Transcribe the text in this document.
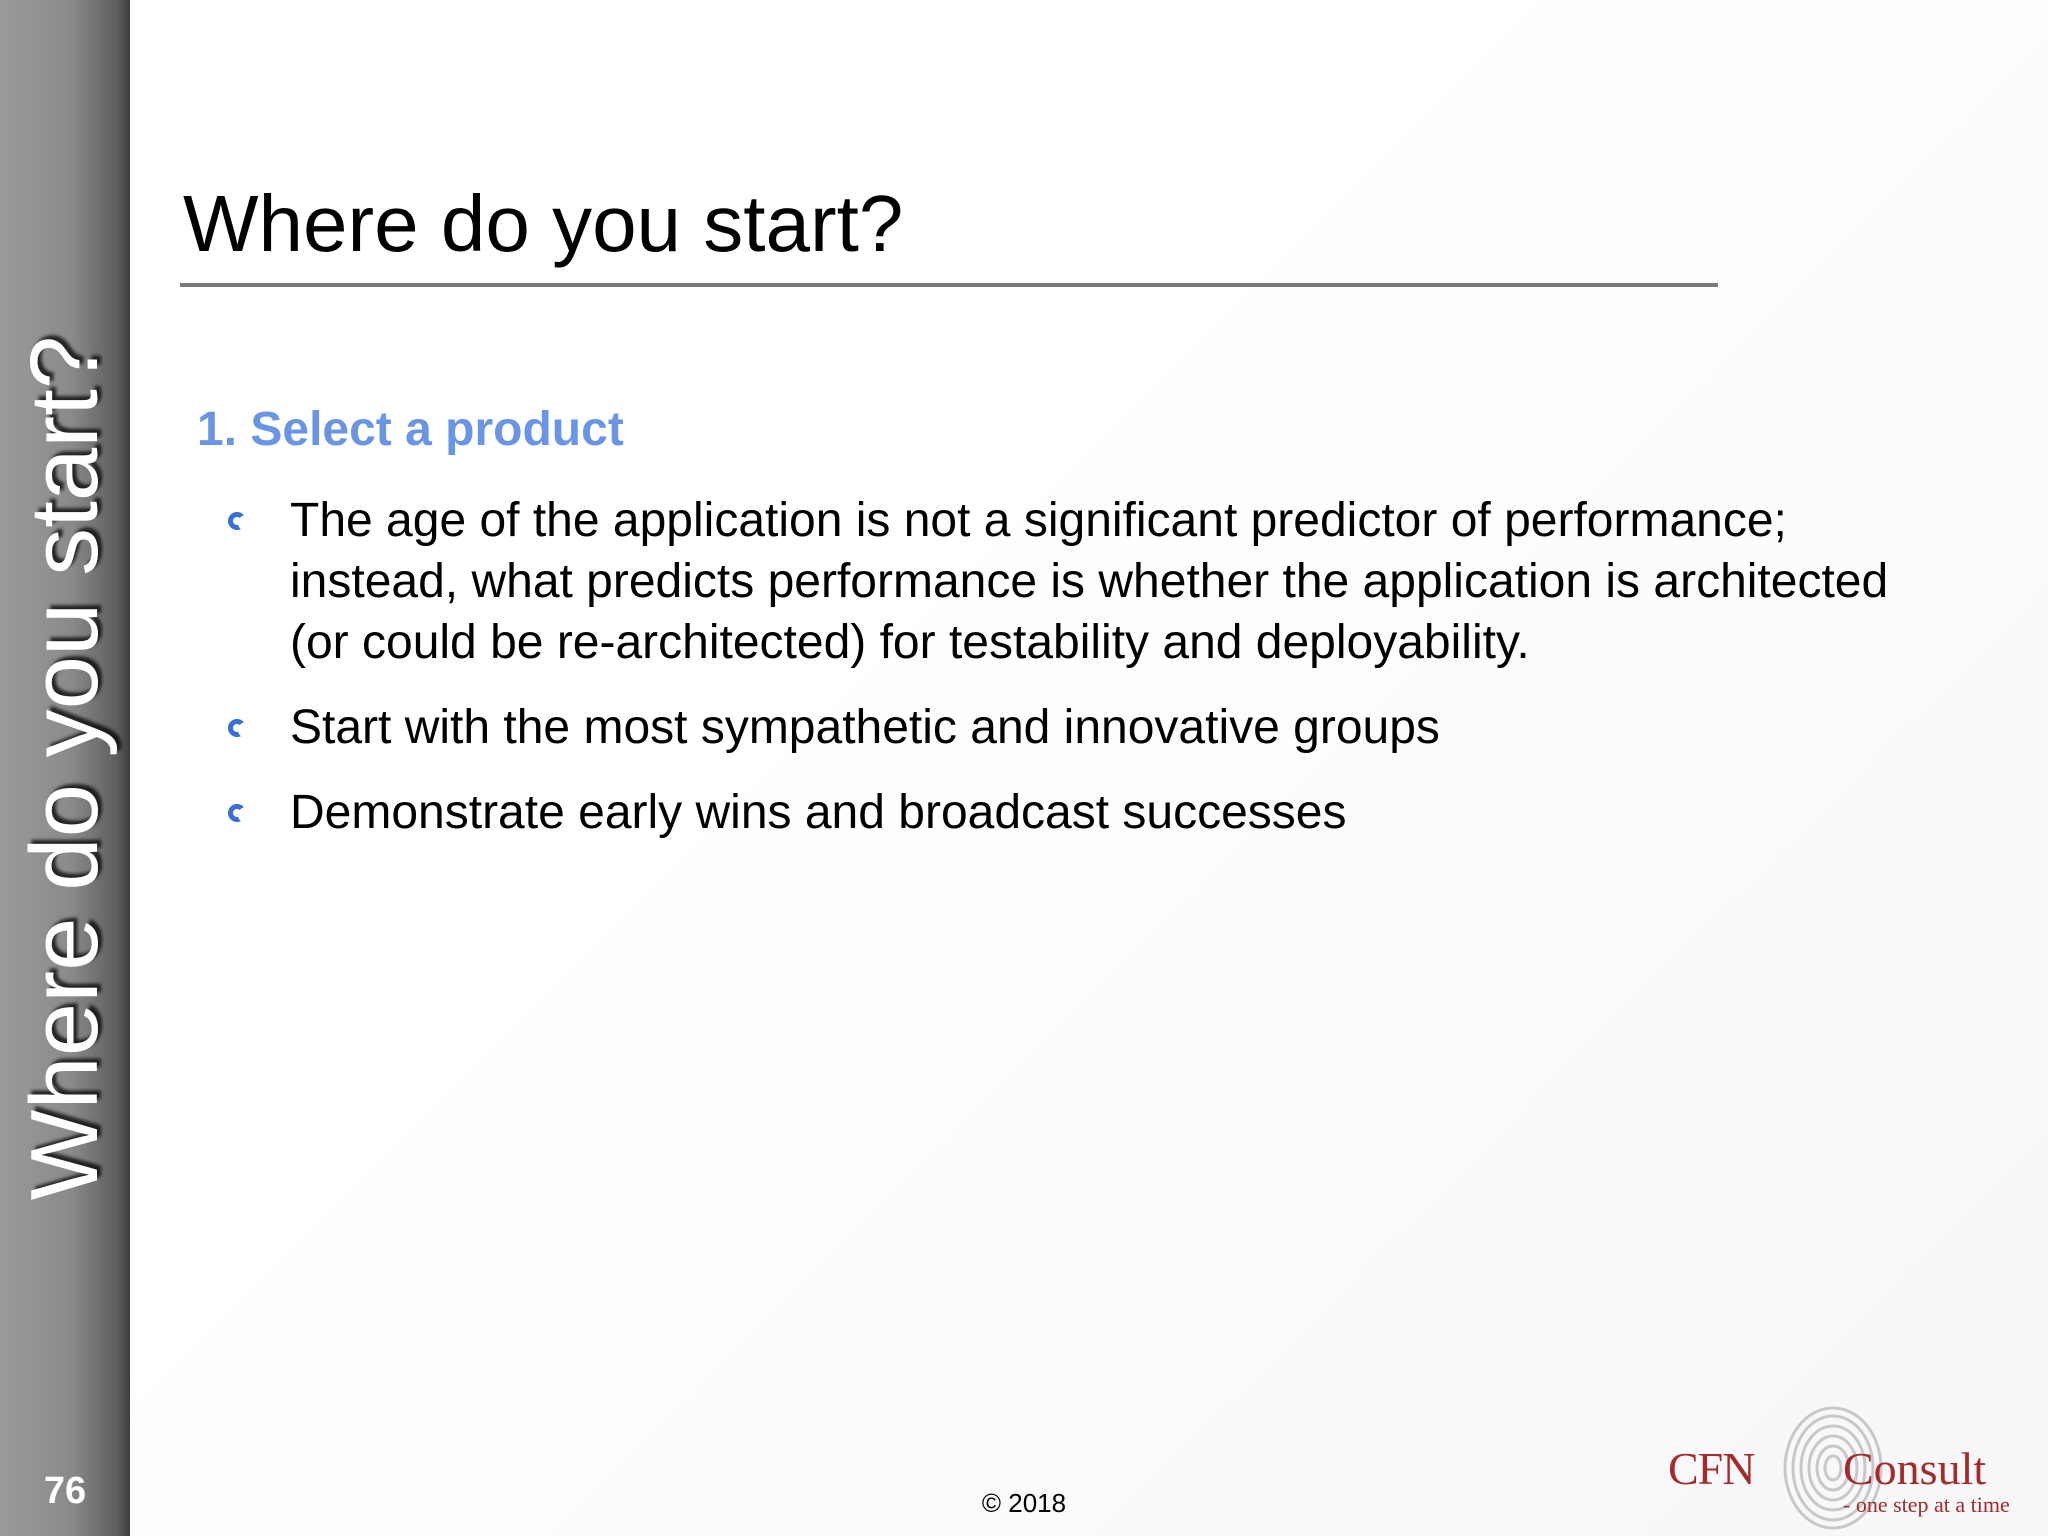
Where do you start?
76
Where do you start?
1. Select a product
The age of the application is not a significant predictor of performance; instead, what predicts performance is whether the application is architected (or could be re-architected) for testability and deployability.
Start with the most sympathetic and innovative groups
Demonstrate early wins and broadcast successes
© 2018
CFN Consult
- one step at a time
